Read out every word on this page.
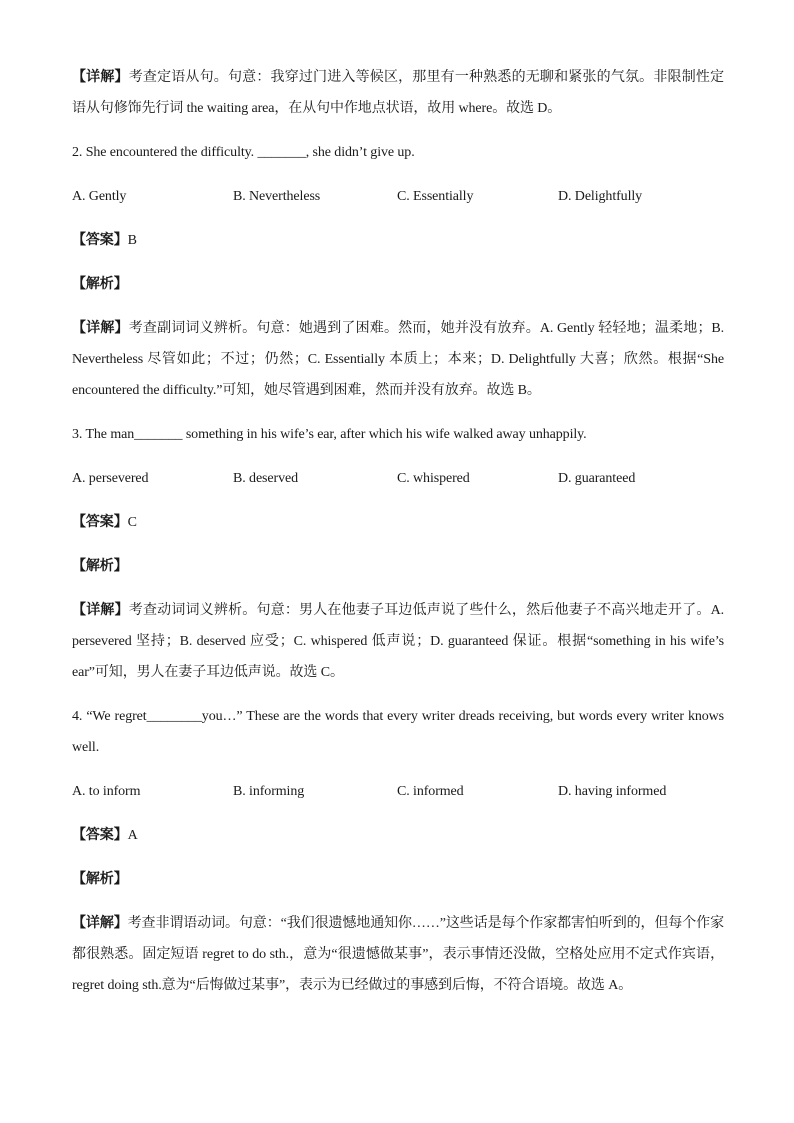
【详解】考查定语从句。句意：我穿过门进入等候区，那里有一种熟悉的无聊和紧张的气氛。非限制性定语从句修饰先行词 the waiting area，在从句中作地点状语，故用 where。故选 D。

2. She encountered the difficulty. _______, she didn’t give up.

A. Gently	B. Nevertheless	C. Essentially	D. Delightfully
【答案】B
【解析】

【详解】考查副词词义辨析。句意：她遇到了困难。然而，她并没有放弃。A. Gently 轻轻地；温柔地；B. Nevertheless 尽管如此；不过；仍然；C. Essentially 本质上；本来；D. Delightfully 大喜；欣然。根据“She encountered the difficulty.”可知，她尽管遇到困难，然而并没有放弃。故选 B。

3. The man_______ something in his wife’s ear, after which his wife walked away unhappily.

A. persevered	B. deserved	C. whispered	D. guaranteed
【答案】C
【解析】

【详解】考查动词词义辨析。句意：男人在他妻子耳边低声说了些什么，然后他妻子不高兴地走开了。A. persevered 坚持；B. deserved 应受；C. whispered 低声说；D. guaranteed 保证。根据“something in his wife’s ear”可知，男人在妻子耳边低声说。故选 C。

4. “We regret________you…” These are the words that every writer dreads receiving, but words every writer knows well.

A. to inform	B. informing	C. informed	D. having informed
【答案】A
【解析】

【详解】考查非谓语动词。句意：“我们很遗憾地通知你……”这些话是每个作家都害怕听到的，但每个作家都很熟悉。固定短语 regret to do sth.，意为“很遗憾做某事”，表示事情还没做，空格处应用不定式作宾语，regret doing sth.意为“后悔做过某事”，表示为已经做过的事感到后悔，不符合语境。故选 A。
